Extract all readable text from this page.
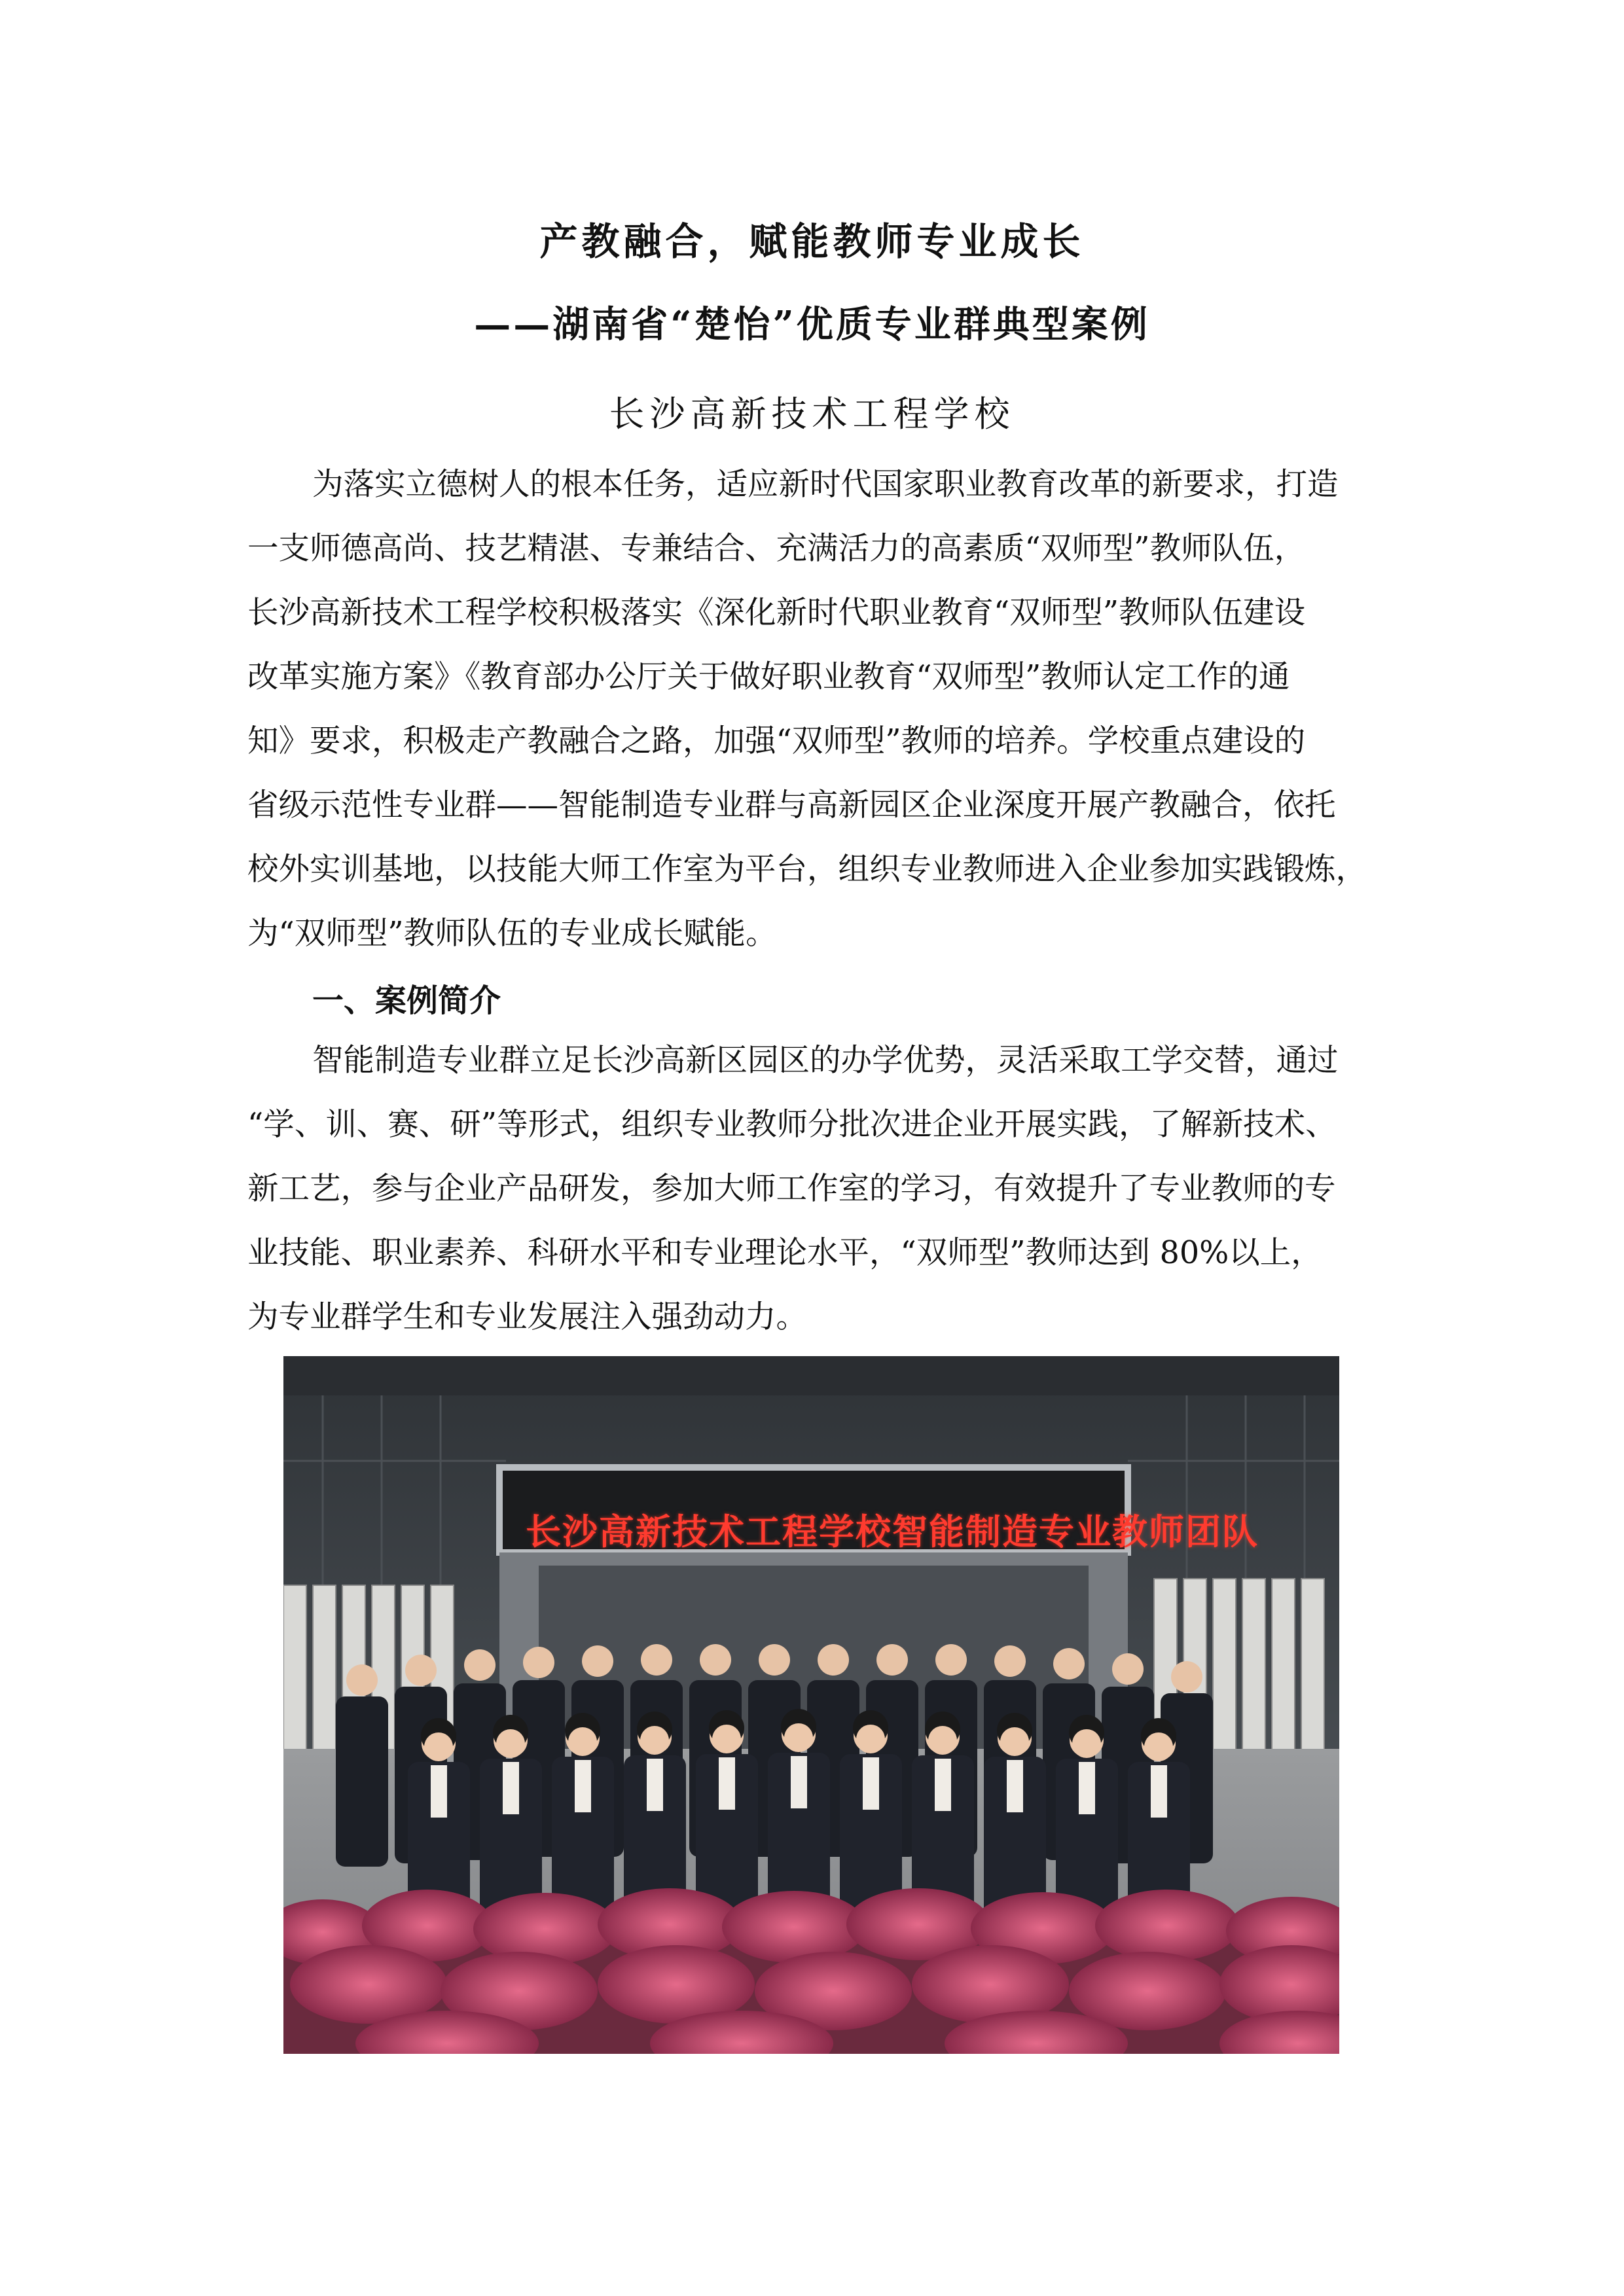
产教融合，赋能教师专业成长
——湖南省“楚怡”优质专业群典型案例
长沙高新技术工程学校
为落实立德树人的根本任务，适应新时代国家职业教育改革的新要求，打造
一支师德高尚、技艺精湛、专兼结合、充满活力的高素质“双师型”教师队伍，
长沙高新技术工程学校积极落实《深化新时代职业教育“双师型”教师队伍建设
改革实施方案》《教育部办公厅关于做好职业教育“双师型”教师认定工作的通
知》要求，积极走产教融合之路，加强“双师型”教师的培养。学校重点建设的
省级示范性专业群——智能制造专业群与高新园区企业深度开展产教融合，依托
校外实训基地，以技能大师工作室为平台，组织专业教师进入企业参加实践锻炼，
为“双师型”教师队伍的专业成长赋能。
一、案例简介
智能制造专业群立足长沙高新区园区的办学优势，灵活采取工学交替，通过
“学、训、赛、研”等形式，组织专业教师分批次进企业开展实践，了解新技术、
新工艺，参与企业产品研发，参加大师工作室的学习，有效提升了专业教师的专
业技能、职业素养、科研水平和专业理论水平，“双师型”教师达到 80%以上，
为专业群学生和专业发展注入强劲动力。
长沙高新技术工程学校智能制造专业教师团队
